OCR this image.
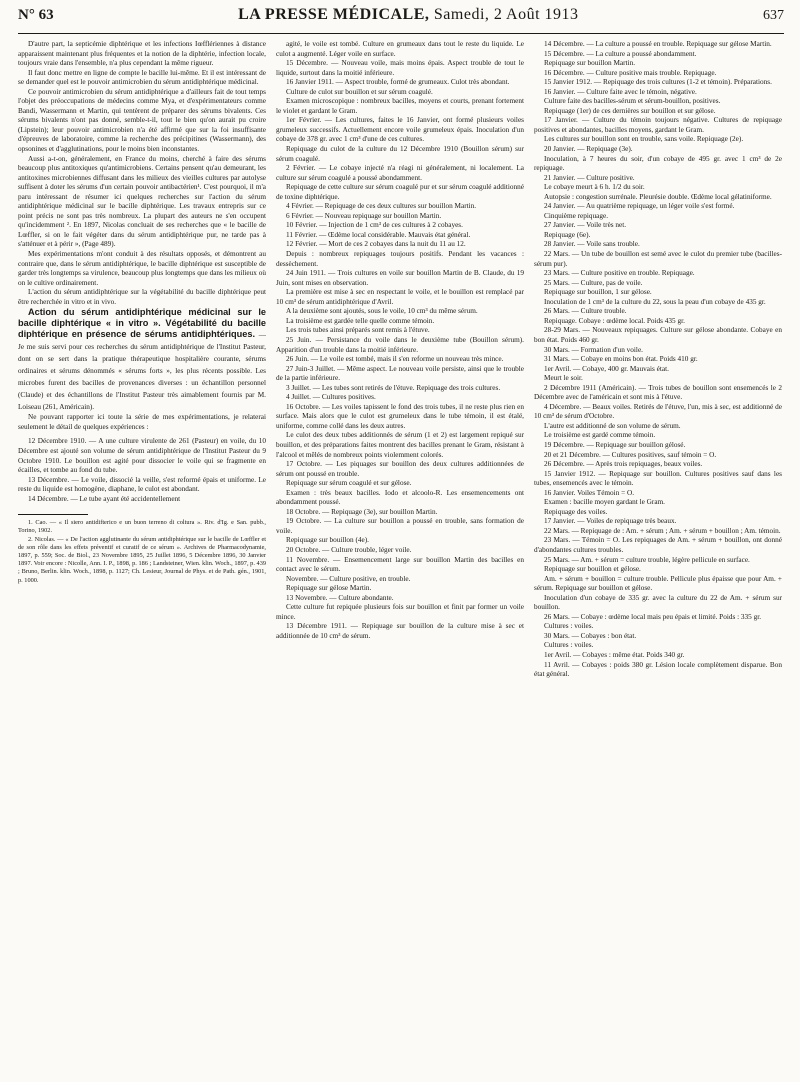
N° 63	LA PRESSE MÉDICALE, Samedi, 2 Août 1913	637

D'autre part, la septicémie diphtérique et les infections Iœfflériennes à distance apparaissent maintenant plus fréquentes et la notion de la diphtérie, infection locale, toujours vraie dans l'ensemble, n'a plus cependant la même rigueur.

Il faut donc mettre en ligne de compte le bacille lui-même. Et il est intéressant de se demander quel est le pouvoir antimicrobien du sérum antidiphtérique médicinal.

Ce pouvoir antimicrobien du sérum antidiphtérique a d'ailleurs fait de tout temps l'objet des préoccupations de médecins comme Mya, et d'expérimentateurs comme Bandi, Wassermann et Martin, qui tentèrent de préparer des sérums bivalents. Ces sérums bivalents n'ont pas donné, semble-t-il, tout le bien qu'on aurait pu croire (Lipstein); leur pouvoir antimicrobien n'a été affirmé que sur la foi insuffisante d'épreuves de laboratoire, comme la recherche des précipitines (Wassermann), des opsonines et d'agglutinations, pour le moins bien inconstantes.

Aussi a-t-on, généralement, en France du moins, cherché à faire des sérums beaucoup plus antitoxiques qu'antimicrobiens. Certains pensent qu'au demeurant, les antitoxines microbiennes diffusant dans les milieux des vieilles cultures par autolyse suffisent à doter les sérums d'un certain pouvoir antibactérien¹. C'est pourquoi, il m'a paru intéressant de résumer ici quelques recherches sur l'action du sérum antidiphtérique médicinal sur le bacille diphtérique. Les travaux entrepris sur ce point précis ne sont pas très nombreux. La plupart des auteurs ne s'en occupent qu'incidemment ². En 1897, Nicolas concluait de ses recherches que « le bacille de Lœffler, si on le fait végéter dans du sérum antidiphtérique pur, ne tarde pas à s'atténuer et à périr », (Page 489).

Mes expérimentations m'ont conduit à des résultats opposés, et démontrent au contraire que, dans le sérum antidiphtérique, le bacille diphtérique est susceptible de garder très longtemps sa virulence, beaucoup plus longtemps que dans les milieux où on le cultive ordinairement.

L'action du sérum antidiphtérique sur la végétabilité du bacille diphtérique peut être recherchée in vitro et in vivo.

Action du sérum antidiphtérique médicinal sur le bacille diphtérique « in vitro ». Végétabilité du bacille diphtérique en présence de sérums antidiphtériques. — Je me suis servi pour ces recherches du sérum antidiphtérique de l'Institut Pasteur, dont on se sert dans la pratique thérapeutique hospitalière courante, sérums ordinaires et sérums dénommés « sérums forts », les plus récents possible. Les microbes furent des bacilles de provenances diverses : un échantillon personnel (Claude) et des échantillons de l'Institut Pasteur très aimablement fournis par M. Loiseau (261, Américain).

Ne pouvant rapporter ici toute la série de mes expérimentations, je relaterai seulement le détail de quelques expériences :

12 Décembre 1910. — A une culture virulente de 261 (Pasteur) en voile, du 10 Décembre est ajouté son volume de sérum antidiphtérique de l'Institut Pasteur du 9 Octobre 1910. Le bouillon est agité pour dissocier le voile qui se fragmente en écailles, et tombe au fond du tube.

13 Décembre. — Le voile, dissocié la veille, s'est reformé épais et uniforme. Le reste du liquide est homogène, diaphane, le culot est abondant.

14 Décembre. — Le tube ayant été accidentellement

1. Cao. — « Il siero antidifterico e un buon terreno di coltura ». Riv. d'Ig. e San. pubb., Torino, 1902.

2. Nicolas. — « De l'action agglutinante du sérum antidiphtérique sur le bacille de Lœffler et de son rôle dans les effets préventif et curatif de ce sérum ». Archives de Pharmacodynamie, 1897, p. 559; Soc. de Biol., 23 Novembre 1895, 25 Juillet 1896, 5 Décembre 1896, 30 Janvier 1897. Voir encore : Nicolle, Ann. I. P., 1898, p. 186 ; Landsteiner, Wien. klin. Woch., 1897, p. 439 ; Bruno, Berlin. klin. Woch., 1898, p. 1127; Ch. Lesieur, Journal de Phys. et de Path. gén., 1901, p. 1000.

agité, le voile est tombé. Culture en grumeaux dans tout le reste du liquide. Le culot a augmenté. Léger voile en surface.

15 Décembre. — Nouveau voile, mais moins épais. Aspect trouble de tout le liquide, surtout dans la moitié inférieure.

16 Janvier 1911. — Aspect trouble, formé de grumeaux. Culot très abondant.

Culture de culot sur bouillon et sur sérum coagulé.

Examen microscopique : nombreux bacilles, moyens et courts, prenant fortement le violet et gardant le Gram.

1er Février. — Les cultures, faites le 16 Janvier, ont formé plusieurs voiles grumeleux successifs. Actuellement encore voile grumeleux épais. Inoculation d'un cobaye de 378 gr. avec 1 cm³ d'une de ces cultures.

Repiquage du culot de la culture du 12 Décembre 1910 (Bouillon sérum) sur sérum coagulé.

2 Février. — Le cobaye injecté n'a réagi ni généralement, ni localement. La culture sur sérum coagulé a poussé abondamment.

Repiquage de cette culture sur sérum coagulé pur et sur sérum coagulé additionné de toxine diphtérique.

4 Février. — Repiquage de ces deux cultures sur bouillon Martin.

6 Février. — Nouveau repiquage sur bouillon Martin.

10 Février. — Injection de 1 cm³ de ces cultures à 2 cobayes.

11 Février. — Œdème local considérable. Mauvais état général.

12 Février. — Mort de ces 2 cobayes dans la nuit du 11 au 12.

Depuis : nombreux repiquages toujours positifs. Pendant les vacances : dessèchement.

24 Juin 1911. — Trois cultures en voile sur bouillon Martin de B. Claude, du 19 Juin, sont mises en observation.

La première est mise à sec en respectant le voile, et le bouillon est remplacé par 10 cm³ de sérum antidiphtérique d'Avril.

A la deuxième sont ajoutés, sous le voile, 10 cm³ du même sérum.

La troisième est gardée telle quelle comme témoin.

Les trois tubes ainsi préparés sont remis à l'étuve.

25 Juin. — Persistance du voile dans le deuxième tube (Bouillon sérum). Apparition d'un trouble dans la moitié inférieure.

26 Juin. — Le voile est tombé, mais il s'en reforme un nouveau très mince.

27 Juin-3 Juillet. — Même aspect. Le nouveau voile persiste, ainsi que le trouble de la partie inférieure.

3 Juillet. — Les tubes sont retirés de l'étuve. Repiquage des trois cultures.

4 Juillet. — Cultures positives.

16 Octobre. — Les voiles tapissent le fond des trois tubes, il ne reste plus rien en surface. Mais alors que le culot est grumeleux dans le tube témoin, il est étalé, uniforme, comme collé dans les deux autres.

Le culot des deux tubes additionnés de sérum (1 et 2) est largement repiqué sur bouillon, et des préparations faites montrent des bacilles prenant le Gram, résistant à l'alcool et mêlés de nombreux points violemment colorés.

17 Octobre. — Les piquages sur bouillon des deux cultures additionnées de sérum ont poussé en trouble.

Repiquage sur sérum coagulé et sur gélose.

Examen : très beaux bacilles. Iodo et alcoolo-R. Les ensemencements ont abondamment poussé.

18 Octobre. — Repiquage (3e), sur bouillon Martin.

19 Octobre. — La culture sur bouillon a poussé en trouble, sans formation de voile.

Repiquage sur bouillon (4e).

20 Octobre. — Culture trouble, léger voile.

11 Novembre. — Ensemencement large sur bouillon Martin des bacilles en contact avec le sérum.

Novembre. — Culture positive, en trouble.

Repiquage sur gélose Martin.

13 Novembre. — Culture abondante.

Cette culture fut repiquée plusieurs fois sur bouillon et finit par former un voile mince.

13 Décembre 1911. — Repiquage sur bouillon de la culture mise à sec et additionnée de 10 cm³ de sérum.

14 Décembre. — La culture a poussé en trouble. Repiquage sur gélose Martin.

15 Décembre. — La culture a poussé abondamment.

Repiquage sur bouillon Martin.

16 Décembre. — Culture positive mais trouble. Repiquage.

15 Janvier 1912. — Repiquage des trois cultures (1-2 et témoin). Préparations.

16 Janvier. — Culture faite avec le témoin, négative.

Culture faite des bacilles-sérum et sérum-bouillon, positives.

Repiquage (1er) de ces dernières sur bouillon et sur gélose.

17 Janvier. — Culture du témoin toujours négative. Cultures de repiquage positives et abondantes, bacilles moyens, gardant le Gram.

Les cultures sur bouillon sont en trouble, sans voile. Repiquage (2e).

20 Janvier. — Repiquage (3e).

Inoculation, à 7 heures du soir, d'un cobaye de 495 gr. avec 1 cm³ de 2e repiquage.

21 Janvier. — Culture positive.

Le cobaye meurt à 6 h. 1/2 du soir.

Autopsie : congestion surrénale. Pleurésie double. Œdème local gélatiniforme.

24 Janvier. — Au quatrième repiquage, un léger voile s'est formé.

Cinquième repiquage.

27 Janvier. — Voile très net.

Repiquage (6e).

28 Janvier. — Voile sans trouble.

22 Mars. — Un tube de bouillon est semé avec le culot du premier tube (bacilles-sérum pur).

23 Mars. — Culture positive en trouble. Repiquage.

25 Mars. — Culture, pas de voile.

Repiquage sur bouillon, 1 sur gélose.

Inoculation de 1 cm³ de la culture du 22, sous la peau d'un cobaye de 435 gr.

26 Mars. — Culture trouble.

Repiquage. Cobaye : œdème local. Poids 435 gr.

28-29 Mars. — Nouveaux repiquages. Culture sur gélose abondante. Cobaye en bon état. Poids 460 gr.

30 Mars. — Formation d'un voile.

31 Mars. — Cobaye en moins bon état. Poids 410 gr.

1er Avril. — Cobaye, 400 gr. Mauvais état.

Meurt le soir.

2 Décembre 1911 (Américain). — Trois tubes de bouillon sont ensemencés le 2 Décembre avec de l'américain et sont mis à l'étuve.

4 Décembre. — Beaux voiles. Retirés de l'étuve, l'un, mis à sec, est additionné de 10 cm³ de sérum d'Octobre.

L'autre est additionné de son volume de sérum.

Le troisième est gardé comme témoin.

19 Décembre. — Repiquage sur bouillon gélosé.

20 et 21 Décembre. — Cultures positives, sauf témoin = O.

26 Décembre. — Après trois repiquages, beaux voiles.

15 Janvier 1912. — Repiquage sur bouillon. Cultures positives sauf dans les tubes, ensemencés avec le témoin.

16 Janvier. Voiles Témoin = O.

Examen : bacille moyen gardant le Gram.

Repiquage des voiles.

17 Janvier. — Voiles de repiquage très beaux.

22 Mars. — Repiquage de : Am. + sérum ; Am. + sérum + bouillon ; Am. témoin.

23 Mars. — Témoin = O. Les repiquages de Am. + sérum + bouillon, ont donné d'abondantes cultures troubles.

25 Mars. — Am. + sérum = culture trouble, légère pellicule en surface.

Repiquage sur bouillon et gélose.

Am. + sérum + bouillon = culture trouble. Pellicule plus épaisse que pour Am. + sérum. Repiquage sur bouillon et gélose.

Inoculation d'un cobaye de 335 gr. avec la culture du 22 de Am. + sérum sur bouillon.

26 Mars. — Cobaye : œdème local mais peu épais et limité. Poids : 335 gr.

Cultures : voiles.

30 Mars. — Cobayes : bon état.

Cultures : voiles.

1er Avril. — Cobayes : même état. Poids 340 gr.

11 Avril. — Cobayes : poids 380 gr. Lésion locale complètement disparue. Bon état général.
